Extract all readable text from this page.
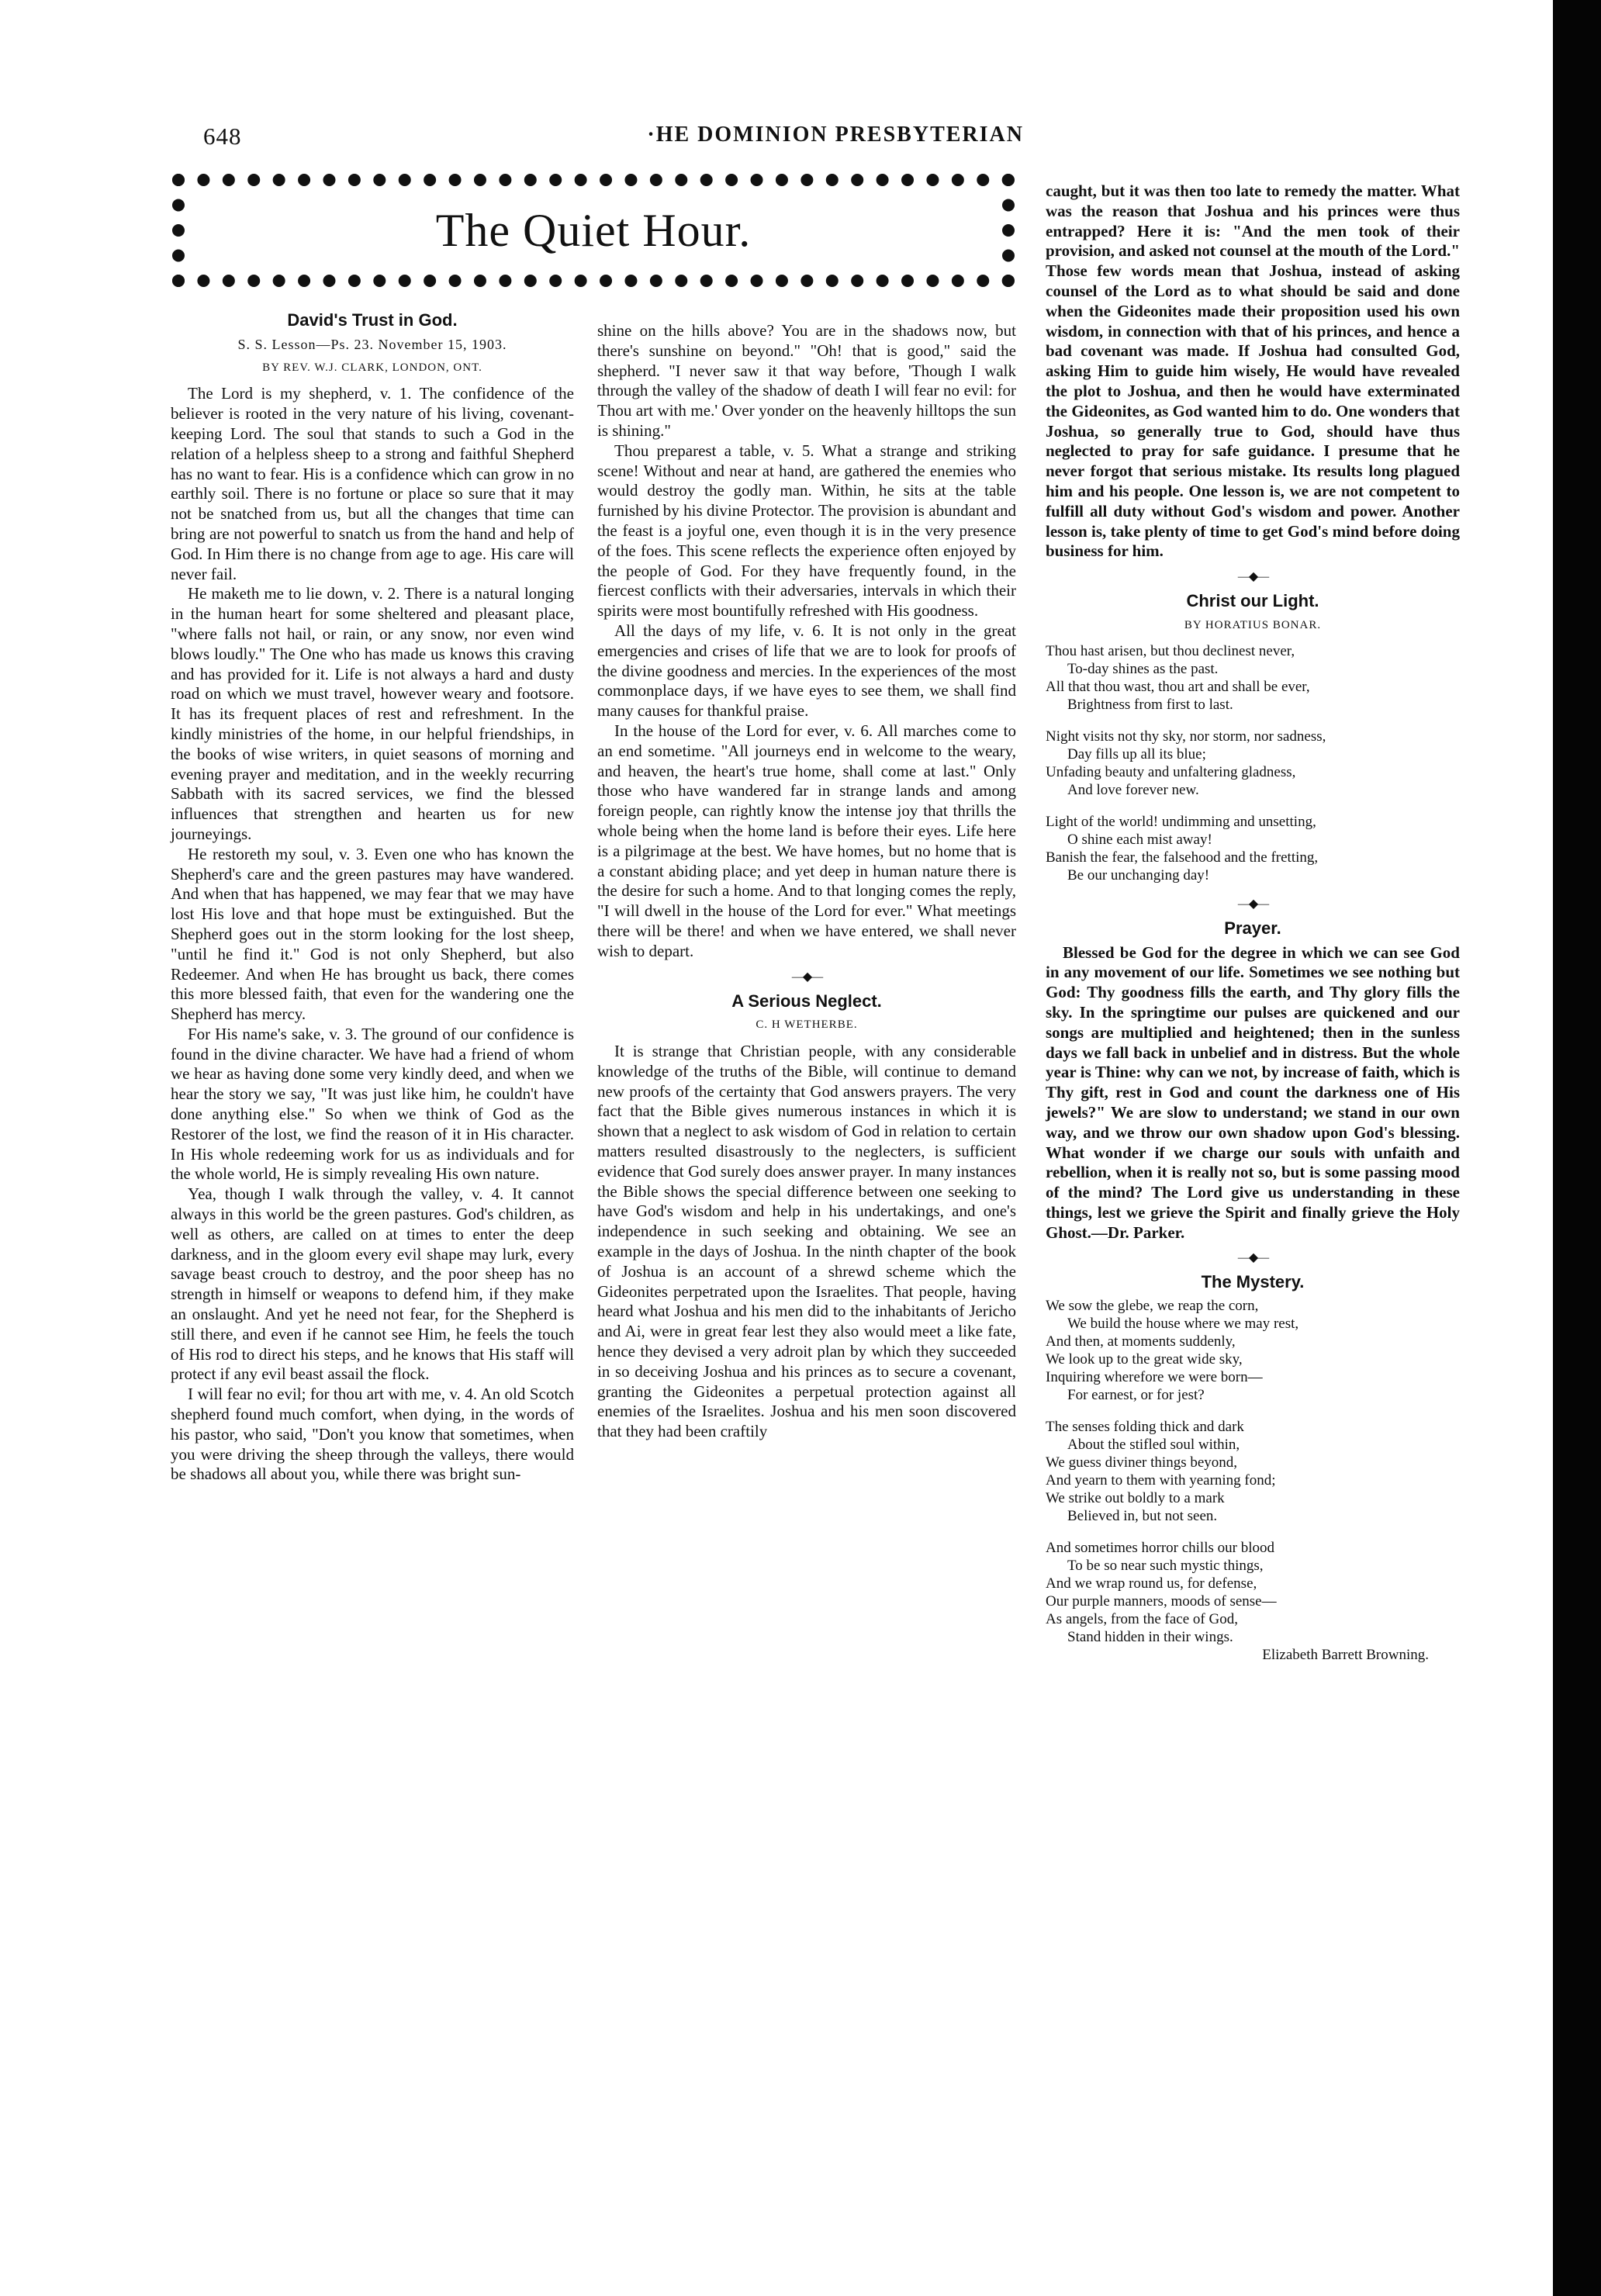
648	·HE DOMINION PRESBYTERIAN
The Quiet Hour.
David's Trust in God.
S. S. Lesson—Ps. 23. November 15, 1903.
BY REV. W.J. CLARK, LONDON, ONT.

The Lord is my shepherd, v. 1. The confidence of the believer is rooted in the very nature of his living, covenant-keeping Lord. The soul that stands to such a God in the relation of a helpless sheep to a strong and faithful Shepherd has no want to fear. His is a confidence which can grow in no earthly soil. There is no fortune or place so sure that it may not be snatched from us, but all the changes that time can bring are not powerful to snatch us from the hand and help of God. In Him there is no change from age to age. His care will never fail.

He maketh me to lie down, v. 2. There is a natural longing in the human heart for some sheltered and pleasant place, "where falls not hail, or rain, or any snow, nor even wind blows loudly." The One who has made us knows this craving and has provided for it. Life is not always a hard and dusty road on which we must travel, however weary and footsore. It has its frequent places of rest and refreshment. In the kindly ministries of the home, in our helpful friendships, in the books of wise writers, in quiet seasons of morning and evening prayer and meditation, and in the weekly recurring Sabbath with its sacred services, we find the blessed influences that strengthen and hearten us for new journeyings.

He restoreth my soul, v. 3. Even one who has known the Shepherd's care and the green pastures may have wandered. And when that has happened, we may fear that we may have lost His love and that hope must be extinguished. But the Shepherd goes out in the storm looking for the lost sheep, "until he find it." God is not only Shepherd, but also Redeemer. And when He has brought us back, there comes this more blessed faith, that even for the wandering one the Shepherd has mercy.

For His name's sake, v. 3. The ground of our confidence is found in the divine character. We have had a friend of whom we hear as having done some very kindly deed, and when we hear the story we say, "It was just like him, he couldn't have done anything else." So when we think of God as the Restorer of the lost, we find the reason of it in His character. In His whole redeeming work for us as individuals and for the whole world, He is simply revealing His own nature.

Yea, though I walk through the valley, v. 4. It cannot always in this world be the green pastures. God's children, as well as others, are called on at times to enter the deep darkness, and in the gloom every evil shape may lurk, every savage beast crouch to destroy, and the poor sheep has no strength in himself or weapons to defend him, if they make an onslaught. And yet he need not fear, for the Shepherd is still there, and even if he cannot see Him, he feels the touch of His rod to direct his steps, and he knows that His staff will protect if any evil beast assail the flock.

I will fear no evil; for thou art with me, v. 4. An old Scotch shepherd found much comfort, when dying, in the words of his pastor, who said, "Don't you know that sometimes, when you were driving the sheep through the valleys, there would be shadows all about you, while there was bright sun-

shine on the hills above? You are in the shadows now, but there's sunshine on beyond." "Oh! that is good," said the shepherd. "I never saw it that way before, 'Though I walk through the valley of the shadow of death I will fear no evil: for Thou art with me.' Over yonder on the heavenly hilltops the sun is shining."

Thou preparest a table, v. 5. What a strange and striking scene! Without and near at hand, are gathered the enemies who would destroy the godly man. Within, he sits at the table furnished by his divine Protector. The provision is abundant and the feast is a joyful one, even though it is in the very presence of the foes. This scene reflects the experience often enjoyed by the people of God. For they have frequently found, in the fiercest conflicts with their adversaries, intervals in which their spirits were most bountifully refreshed with His goodness.

All the days of my life, v. 6. It is not only in the great emergencies and crises of life that we are to look for proofs of the divine goodness and mercies. In the experiences of the most commonplace days, if we have eyes to see them, we shall find many causes for thankful praise.

In the house of the Lord for ever, v. 6. All marches come to an end sometime. "All journeys end in welcome to the weary, and heaven, the heart's true home, shall come at last." Only those who have wandered far in strange lands and among foreign people, can rightly know the intense joy that thrills the whole being when the home land is before their eyes. Life here is a pilgrimage at the best. We have homes, but no home that is a constant abiding place; and yet deep in human nature there is the desire for such a home. And to that longing comes the reply, "I will dwell in the house of the Lord for ever." What meetings there will be there! and when we have entered, we shall never wish to depart.

—◆—
A Serious Neglect.
C. H WETHERBE.

It is strange that Christian people, with any considerable knowledge of the truths of the Bible, will continue to demand new proofs of the certainty that God answers prayers. The very fact that the Bible gives numerous instances in which it is shown that a neglect to ask wisdom of God in relation to certain matters resulted disastrously to the neglecters, is sufficient evidence that God surely does answer prayer. In many instances the Bible shows the special difference between one seeking to have God's wisdom and help in his undertakings, and one's independence in such seeking and obtaining. We see an example in the days of Joshua. In the ninth chapter of the book of Joshua is an account of a shrewd scheme which the Gideonites perpetrated upon the Israelites. That people, having heard what Joshua and his men did to the inhabitants of Jericho and Ai, were in great fear lest they also would meet a like fate, hence they devised a very adroit plan by which they succeeded in so deceiving Joshua and his princes as to secure a covenant, granting the Gideonites a perpetual protection against all enemies of the Israelites. Joshua and his men soon discovered that they had been craftily

caught, but it was then too late to remedy the matter. What was the reason that Joshua and his princes were thus entrapped? Here it is: "And the men took of their provision, and asked not counsel at the mouth of the Lord." Those few words mean that Joshua, instead of asking counsel of the Lord as to what should be said and done when the Gideonites made their proposition used his own wisdom, in connection with that of his princes, and hence a bad covenant was made. If Joshua had consulted God, asking Him to guide him wisely, He would have revealed the plot to Joshua, and then he would have exterminated the Gideonites, as God wanted him to do. One wonders that Joshua, so generally true to God, should have thus neglected to pray for safe guidance. I presume that he never forgot that serious mistake. Its results long plagued him and his people. One lesson is, we are not competent to fulfill all duty without God's wisdom and power. Another lesson is, take plenty of time to get God's mind before doing business for him.

—◆—
Christ our Light.
BY HORATIUS BONAR.
Thou hast arisen, but thou declinest never,
To-day shines as the past.
All that thou wast, thou art and shall be ever,
Brightness from first to last.
Night visits not thy sky, nor storm, nor sadness,
Day fills up all its blue;
Unfading beauty and unfaltering gladness,
And love forever new.
Light of the world! undimming and unsetting,
O shine each mist away!
Banish the fear, the falsehood and the fretting,
Be our unchanging day!
—◆—
Prayer.

Blessed be God for the degree in which we can see God in any movement of our life. Sometimes we see nothing but God: Thy goodness fills the earth, and Thy glory fills the sky. In the springtime our pulses are quickened and our songs are multiplied and heightened; then in the sunless days we fall back in unbelief and in distress. But the whole year is Thine: why can we not, by increase of faith, which is Thy gift, rest in God and count the darkness one of His jewels?" We are slow to understand; we stand in our own way, and we throw our own shadow upon God's blessing. What wonder if we charge our souls with unfaith and rebellion, when it is really not so, but is some passing mood of the mind? The Lord give us understanding in these things, lest we grieve the Spirit and finally grieve the Holy Ghost.—Dr. Parker.

—◆—
The Mystery.
We sow the glebe, we reap the corn,
We build the house where we may rest,
And then, at moments suddenly,
We look up to the great wide sky,
Inquiring wherefore we were born—
For earnest, or for jest?
The senses folding thick and dark
About the stifled soul within,
We guess diviner things beyond,
And yearn to them with yearning fond;
We strike out boldly to a mark
Believed in, but not seen.
And sometimes horror chills our blood
To be so near such mystic things,
And we wrap round us, for defense,
Our purple manners, moods of sense—
As angels, from the face of God,
Stand hidden in their wings.
Elizabeth Barrett Browning.
